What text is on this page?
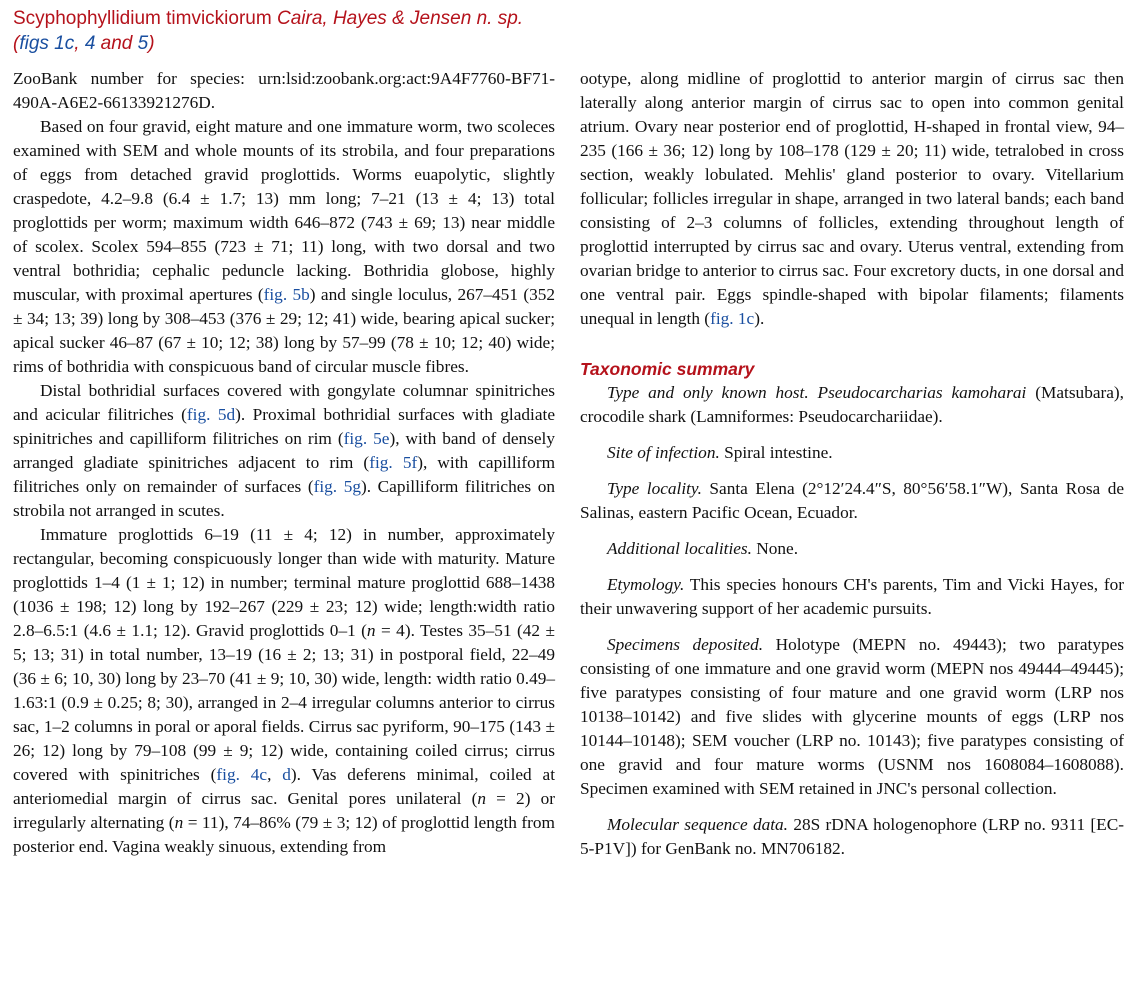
Scyphophyllidium timvickiorum Caira, Hayes & Jensen n. sp.
(figs 1c, 4 and 5)

ZooBank number for species: urn:lsid:zoobank.org:act:9A4F7760-BF71-490A-A6E2-66133921276D.

Based on four gravid, eight mature and one immature worm, two scoleces examined with SEM and whole mounts of its strobila, and four preparations of eggs from detached gravid proglottids. Worms euapolytic, slightly craspedote, 4.2–9.8 (6.4 ± 1.7; 13) mm long; 7–21 (13 ± 4; 13) total proglottids per worm; maximum width 646–872 (743 ± 69; 13) near middle of scolex. Scolex 594–855 (723 ± 71; 11) long, with two dorsal and two ventral bothridia; cephalic peduncle lacking. Bothridia globose, highly muscular, with proximal apertures (fig. 5b) and single loculus, 267–451 (352 ± 34; 13; 39) long by 308–453 (376 ± 29; 12; 41) wide, bearing apical sucker; apical sucker 46–87 (67 ± 10; 12; 38) long by 57–99 (78 ± 10; 12; 40) wide; rims of bothridia with conspicuous band of circular muscle fibres.

Distal bothridial surfaces covered with gongylate columnar spinitriches and acicular filitriches (fig. 5d). Proximal bothridial surfaces with gladiate spinitriches and capilliform filitriches on rim (fig. 5e), with band of densely arranged gladiate spinitriches adjacent to rim (fig. 5f), with capilliform filitriches only on remainder of surfaces (fig. 5g). Capilliform filitriches on strobila not arranged in scutes.

Immature proglottids 6–19 (11 ± 4; 12) in number, approximately rectangular, becoming conspicuously longer than wide with maturity. Mature proglottids 1–4 (1 ± 1; 12) in number; terminal mature proglottid 688–1438 (1036 ± 198; 12) long by 192–267 (229 ± 23; 12) wide; length:width ratio 2.8–6.5:1 (4.6 ± 1.1; 12). Gravid proglottids 0–1 (n = 4). Testes 35–51 (42 ± 5; 13; 31) in total number, 13–19 (16 ± 2; 13; 31) in postporal field, 22–49 (36 ± 6; 10, 30) long by 23–70 (41 ± 9; 10, 30) wide, length: width ratio 0.49–1.63:1 (0.9 ± 0.25; 8; 30), arranged in 2–4 irregular columns anterior to cirrus sac, 1–2 columns in poral or aporal fields. Cirrus sac pyriform, 90–175 (143 ± 26; 12) long by 79–108 (99 ± 9; 12) wide, containing coiled cirrus; cirrus covered with spinitriches (fig. 4c, d). Vas deferens minimal, coiled at anteriomedial margin of cirrus sac. Genital pores unilateral (n = 2) or irregularly alternating (n = 11), 74–86% (79 ± 3; 12) of proglottid length from posterior end. Vagina weakly sinuous, extending from

ootype, along midline of proglottid to anterior margin of cirrus sac then laterally along anterior margin of cirrus sac to open into common genital atrium. Ovary near posterior end of proglottid, H-shaped in frontal view, 94–235 (166 ± 36; 12) long by 108–178 (129 ± 20; 11) wide, tetralobed in cross section, weakly lobulated. Mehlis' gland posterior to ovary. Vitellarium follicular; follicles irregular in shape, arranged in two lateral bands; each band consisting of 2–3 columns of follicles, extending throughout length of proglottid interrupted by cirrus sac and ovary. Uterus ventral, extending from ovarian bridge to anterior to cirrus sac. Four excretory ducts, in one dorsal and one ventral pair. Eggs spindle-shaped with bipolar filaments; filaments unequal in length (fig. 1c).

Taxonomic summary

Type and only known host. Pseudocarcharias kamoharai (Matsubara), crocodile shark (Lamniformes: Pseudocarchariidae).

Site of infection. Spiral intestine.

Type locality. Santa Elena (2°12′24.4″S, 80°56′58.1″W), Santa Rosa de Salinas, eastern Pacific Ocean, Ecuador.

Additional localities. None.

Etymology. This species honours CH's parents, Tim and Vicki Hayes, for their unwavering support of her academic pursuits.

Specimens deposited. Holotype (MEPN no. 49443); two paratypes consisting of one immature and one gravid worm (MEPN nos 49444–49445); five paratypes consisting of four mature and one gravid worm (LRP nos 10138–10142) and five slides with glycerine mounts of eggs (LRP nos 10144–10148); SEM voucher (LRP no. 10143); five paratypes consisting of one gravid and four mature worms (USNM nos 1608084–1608088). Specimen examined with SEM retained in JNC's personal collection.

Molecular sequence data. 28S rDNA hologenophore (LRP no. 9311 [EC-5-P1V]) for GenBank no. MN706182.
